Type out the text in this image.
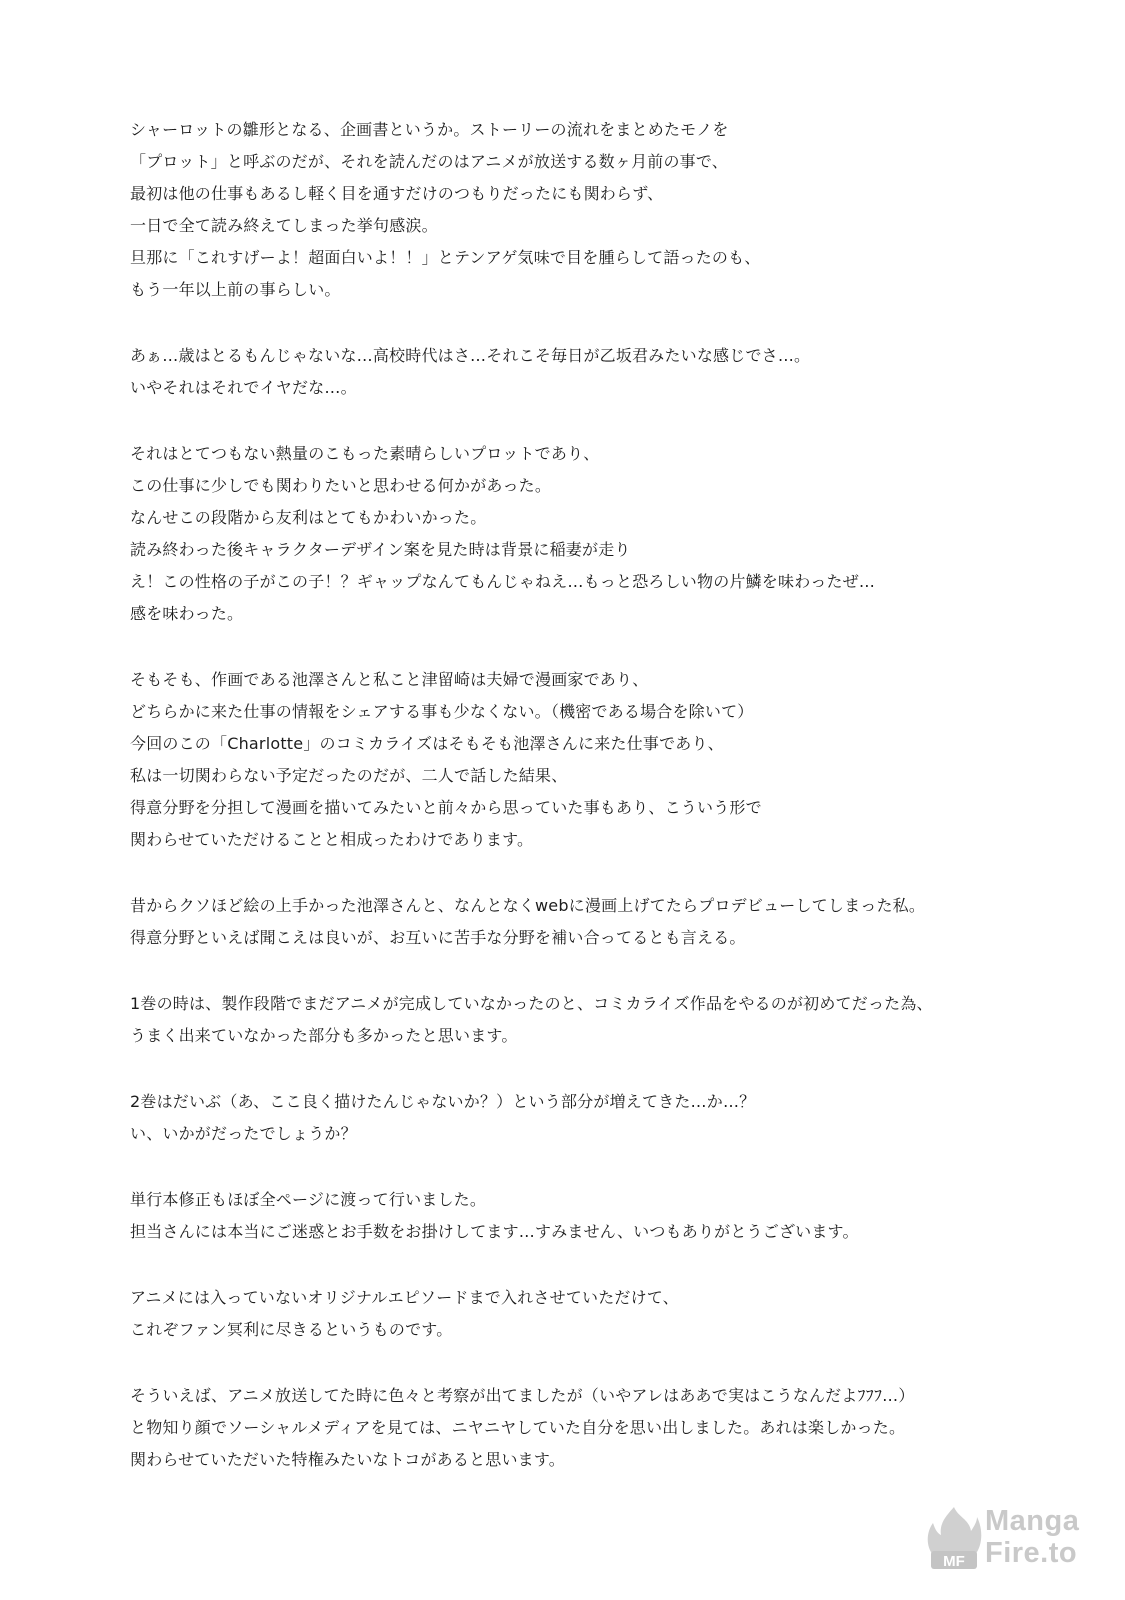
シャーロットの雛形となる、企画書というか。ストーリーの流れをまとめたモノを
「プロット」と呼ぶのだが、それを読んだのはアニメが放送する数ヶ月前の事で、
最初は他の仕事もあるし軽く目を通すだけのつもりだったにも関わらず、
一日で全て読み終えてしまった挙句感涙。
旦那に「これすげーよ！超面白いよ！！」とテンアゲ気味で目を腫らして語ったのも、
もう一年以上前の事らしい。
あぁ…歳はとるもんじゃないな…高校時代はさ…それこそ毎日が乙坂君みたいな感じでさ…。
いやそれはそれでイヤだな…。
それはとてつもない熱量のこもった素晴らしいプロットであり、
この仕事に少しでも関わりたいと思わせる何かがあった。
なんせこの段階から友利はとてもかわいかった。
読み終わった後キャラクターデザイン案を見た時は背景に稲妻が走り
え！この性格の子がこの子！？ギャップなんてもんじゃねえ…もっと恐ろしい物の片鱗を味わったぜ…
感を味わった。
そもそも、作画である池澤さんと私こと津留崎は夫婦で漫画家であり、
どちらかに来た仕事の情報をシェアする事も少なくない。（機密である場合を除いて）
今回のこの「Charlotte」のコミカライズはそもそも池澤さんに来た仕事であり、
私は一切関わらない予定だったのだが、二人で話した結果、
得意分野を分担して漫画を描いてみたいと前々から思っていた事もあり、こういう形で
関わらせていただけることと相成ったわけであります。
昔からクソほど絵の上手かった池澤さんと、なんとなくwebに漫画上げてたらプロデビューしてしまった私。
得意分野といえば聞こえは良いが、お互いに苦手な分野を補い合ってるとも言える。
1巻の時は、製作段階でまだアニメが完成していなかったのと、コミカライズ作品をやるのが初めてだった為、
うまく出来ていなかった部分も多かったと思います。
2巻はだいぶ（あ、ここ良く描けたんじゃないか？）という部分が増えてきた…か…？
い、いかがだったでしょうか？
単行本修正もほぼ全ページに渡って行いました。
担当さんには本当にご迷惑とお手数をお掛けしてます…すみません、いつもありがとうございます。
アニメには入っていないオリジナルエピソードまで入れさせていただけて、
これぞファン冥利に尽きるというものです。
そういえば、アニメ放送してた時に色々と考察が出てましたが（いやアレはああで実はこうなんだよﾌﾌﾌ…）
と物知り顔でソーシャルメディアを見ては、ニヤニヤしていた自分を思い出しました。あれは楽しかった。
関わらせていただいた特権みたいなトコがあると思います。
MF
Manga
Fire.to
